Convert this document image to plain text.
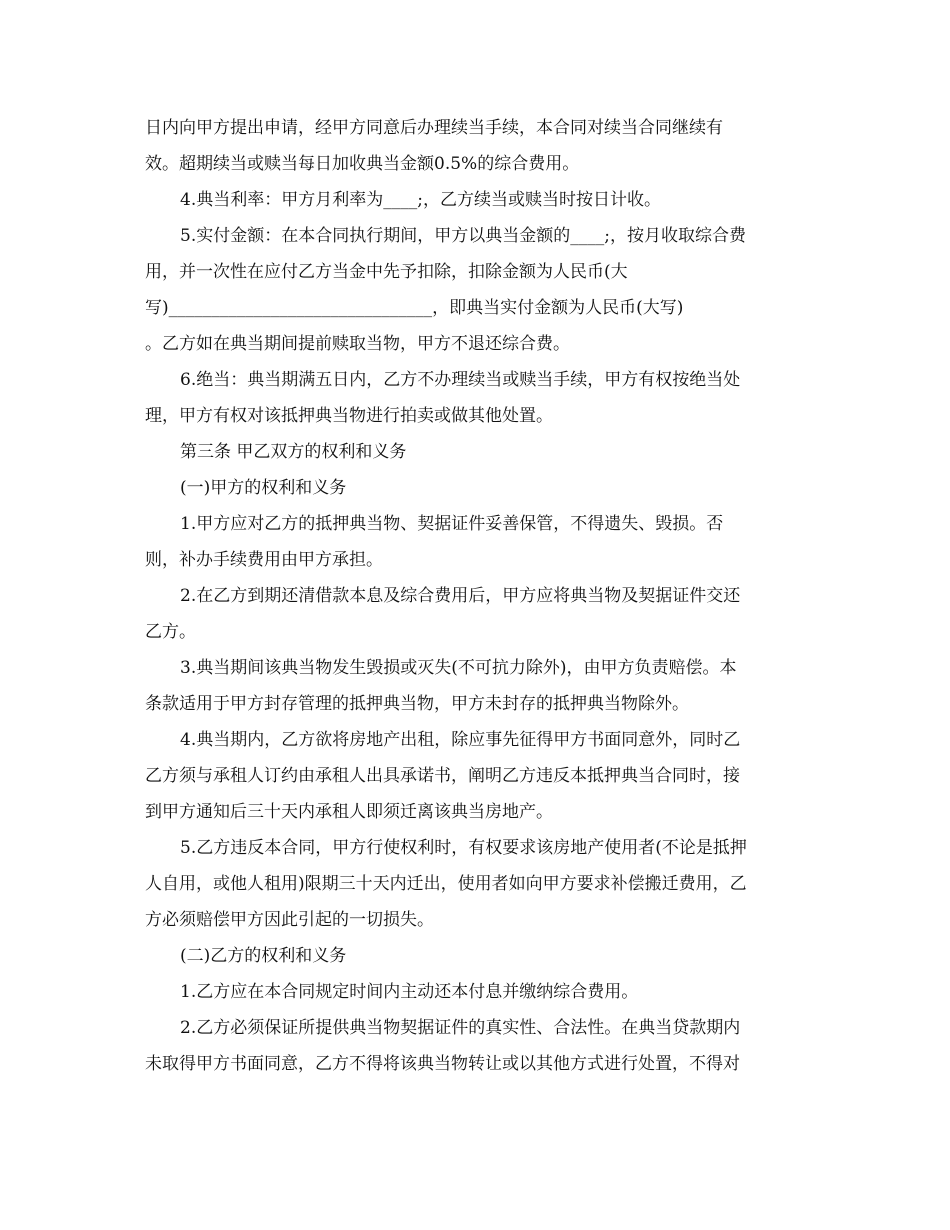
日内向甲方提出申请，经甲方同意后办理续当手续，本合同对续当合同继续有
效。超期续当或赎当每日加收典当金额0.5%的综合费用。
4.典当利率：甲方月利率为____;，乙方续当或赎当时按日计收。
5.实付金额：在本合同执行期间，甲方以典当金额的____;，按月收取综合费
用，并一次性在应付乙方当金中先予扣除，扣除金额为人民币(大
写)_______________________________，即典当实付金额为人民币(大写)
。乙方如在典当期间提前赎取当物，甲方不退还综合费。
6.绝当：典当期满五日内，乙方不办理续当或赎当手续，甲方有权按绝当处
理，甲方有权对该抵押典当物进行拍卖或做其他处置。
第三条 甲乙双方的权利和义务
(一)甲方的权利和义务
1.甲方应对乙方的抵押典当物、契据证件妥善保管，不得遗失、毁损。否
则，补办手续费用由甲方承担。
2.在乙方到期还清借款本息及综合费用后，甲方应将典当物及契据证件交还
乙方。
3.典当期间该典当物发生毁损或灭失(不可抗力除外)，由甲方负责赔偿。本
条款适用于甲方封存管理的抵押典当物，甲方未封存的抵押典当物除外。
4.典当期内，乙方欲将房地产出租，除应事先征得甲方书面同意外，同时乙
乙方须与承租人订约由承租人出具承诺书，阐明乙方违反本抵押典当合同时，接
到甲方通知后三十天内承租人即须迁离该典当房地产。
5.乙方违反本合同，甲方行使权利时，有权要求该房地产使用者(不论是抵押
人自用，或他人租用)限期三十天内迁出，使用者如向甲方要求补偿搬迁费用，乙
方必须赔偿甲方因此引起的一切损失。
(二)乙方的权利和义务
1.乙方应在本合同规定时间内主动还本付息并缴纳综合费用。
2.乙方必须保证所提供典当物契据证件的真实性、合法性。在典当贷款期内
未取得甲方书面同意，乙方不得将该典当物转让或以其他方式进行处置，不得对
